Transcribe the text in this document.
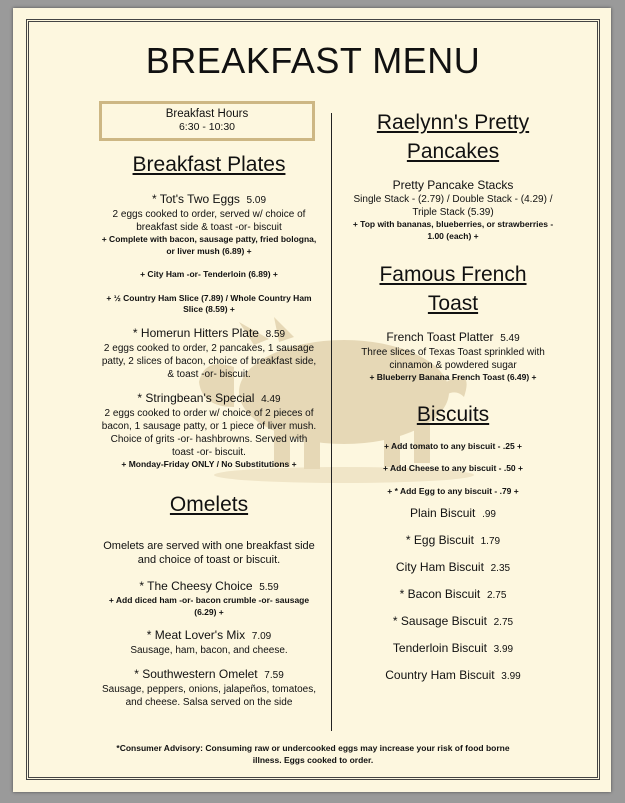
BREAKFAST MENU
Breakfast Hours
6:30 - 10:30
Breakfast Plates
* Tot's Two Eggs 5.09
2 eggs cooked to order, served w/ choice of breakfast side & toast -or- biscuit
+ Complete with bacon, sausage patty, fried bologna, or liver mush (6.89) +
+ City Ham -or- Tenderloin (6.89) +
+ ½ Country Ham Slice (7.89) / Whole Country Ham Slice (8.59) +
* Homerun Hitters Plate 8.59
2 eggs cooked to order, 2 pancakes, 1 sausage patty, 2 slices of bacon, choice of breakfast side, & toast -or- biscuit.
* Stringbean's Special 4.49
2 eggs cooked to order w/ choice of 2 pieces of bacon, 1 sausage patty, or 1 piece of liver mush. Choice of grits -or- hashbrowns. Served with toast -or- biscuit.
+ Monday-Friday ONLY / No Substitutions +
Omelets
Omelets are served with one breakfast side and choice of toast or biscuit.
* The Cheesy Choice 5.59
+ Add diced ham -or- bacon crumble -or- sausage (6.29) +
* Meat Lover's Mix 7.09
Sausage, ham, bacon, and cheese.
* Southwestern Omelet 7.59
Sausage, peppers, onions, jalapeños, tomatoes, and cheese. Salsa served on the side
Raelynn's Pretty
Pancakes
Pretty Pancake Stacks
Single Stack - (2.79) / Double Stack - (4.29) / Triple Stack (5.39)
+ Top with bananas, blueberries, or strawberries - 1.00 (each) +
Famous French
Toast
French Toast Platter 5.49
Three slices of Texas Toast sprinkled with cinnamon & powdered sugar
+ Blueberry Banana French Toast (6.49) +
Biscuits
+ Add tomato to any biscuit - .25 +
+ Add Cheese to any biscuit - .50 +
+ * Add Egg to any biscuit - .79 +
Plain Biscuit .99
* Egg Biscuit 1.79
City Ham Biscuit 2.35
* Bacon Biscuit 2.75
* Sausage Biscuit 2.75
Tenderloin Biscuit 3.99
Country Ham Biscuit 3.99
*Consumer Advisory: Consuming raw or undercooked eggs may increase your risk of food borne illness. Eggs cooked to order.
